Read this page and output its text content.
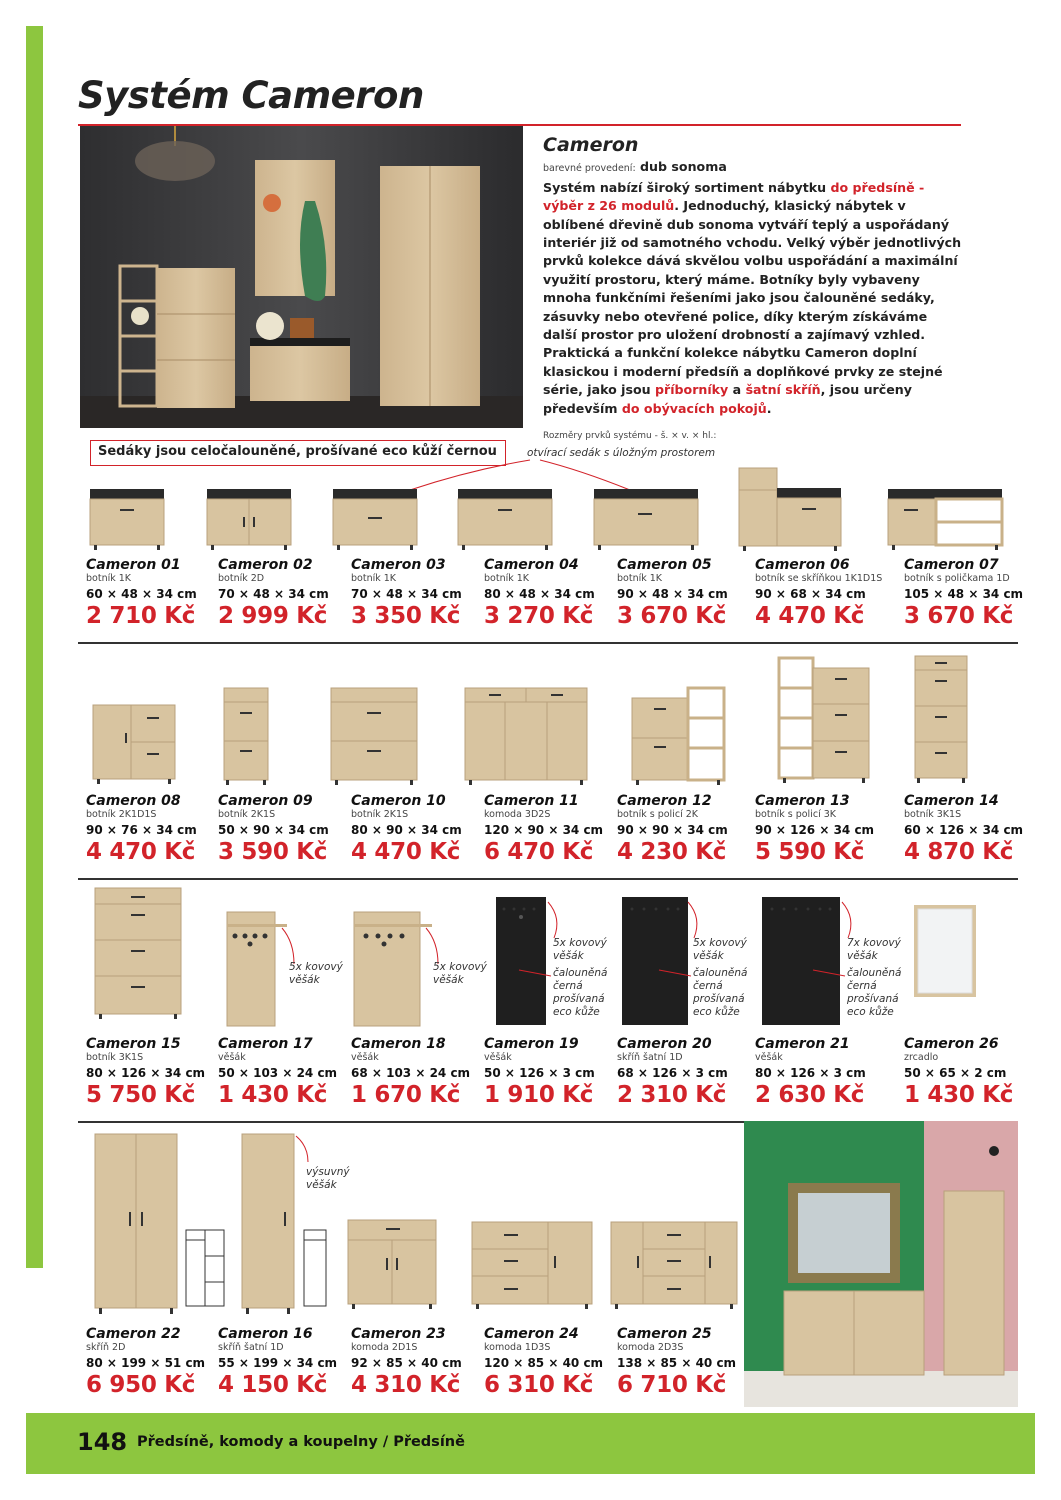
Systém Cameron
Cameron
barevné provedení: dub sonoma
Systém nabízí široký sortiment nábytku do předsíně - výběr z 26 modulů. Jednoduchý, klasický nábytek v oblíbené dřevině dub sonoma vytváří teplý a uspořádaný interiér již od samotného vchodu. Velký výběr jednotlivých prvků kolekce dává skvělou volbu uspořádání a maximální využití prostoru, který máme. Botníky byly vybaveny mnoha funkčními řešeními jako jsou čalouněné sedáky, zásuvky nebo otevřené police, díky kterým získáváme další prostor pro uložení drobností a zajímavý vzhled. Praktická a funkční kolekce nábytku Cameron doplní klasickou i moderní předsíň a doplňkové prvky ze stejné série, jako jsou příborníky a šatní skříň, jsou určeny především do obývacích pokojů.
Rozměry prvků systému - š. × v. × hl.:
Sedáky jsou celočalouněné, prošívané eco kůží černou	otvírací sedák s úložným prostorem
5x kovový věšák
5x kovový věšák
5x kovový věšák
čalouněná černá prošívaná eco kůže
5x kovový věšák
čalouněná černá prošívaná eco kůže
7x kovový věšák
čalouněná černá prošívaná eco kůže
výsuvný věšák
Cameron 01
botník 1K
60 × 48 × 34 cm
2 710 Kč
Cameron 02
botník 2D
70 × 48 × 34 cm
2 999 Kč
Cameron 03
botník 1K
70 × 48 × 34 cm
3 350 Kč
Cameron 04
botník 1K
80 × 48 × 34 cm
3 270 Kč
Cameron 05
botník 1K
90 × 48 × 34 cm
3 670 Kč
Cameron 06
botník se skříňkou 1K1D1S
90 × 68 × 34 cm
4 470 Kč
Cameron 07
botník s poličkama 1D
105 × 48 × 34 cm
3 670 Kč
Cameron 08
botník 2K1D1S
90 × 76 × 34 cm
4 470 Kč
Cameron 09
botník 2K1S
50 × 90 × 34 cm
3 590 Kč
Cameron 10
botník 2K1S
80 × 90 × 34 cm
4 470 Kč
Cameron 11
komoda 3D2S
120 × 90 × 34 cm
6 470 Kč
Cameron 12
botník s policí 2K
90 × 90 × 34 cm
4 230 Kč
Cameron 13
botník s policí 3K
90 × 126 × 34 cm
5 590 Kč
Cameron 14
botník 3K1S
60 × 126 × 34 cm
4 870 Kč
Cameron 15
botník 3K1S
80 × 126 × 34 cm
5 750 Kč
Cameron 17
věšák
50 × 103 × 24 cm
1 430 Kč
Cameron 18
věšák
68 × 103 × 24 cm
1 670 Kč
Cameron 19
věšák
50 × 126 × 3 cm
1 910 Kč
Cameron 20
skříň šatní 1D
68 × 126 × 3 cm
2 310 Kč
Cameron 21
věšák
80 × 126 × 3 cm
2 630 Kč
Cameron 26
zrcadlo
50 × 65 × 2 cm
1 430 Kč
Cameron 22
skříň 2D
80 × 199 × 51 cm
6 950 Kč
Cameron 16
skříň šatní 1D
55 × 199 × 34 cm
4 150 Kč
Cameron 23
komoda 2D1S
92 × 85 × 40 cm
4 310 Kč
Cameron 24
komoda 1D3S
120 × 85 × 40 cm
6 310 Kč
Cameron 25
komoda 2D3S
138 × 85 × 40 cm
6 710 Kč
148 Předsíně, komody a koupelny / Předsíně
